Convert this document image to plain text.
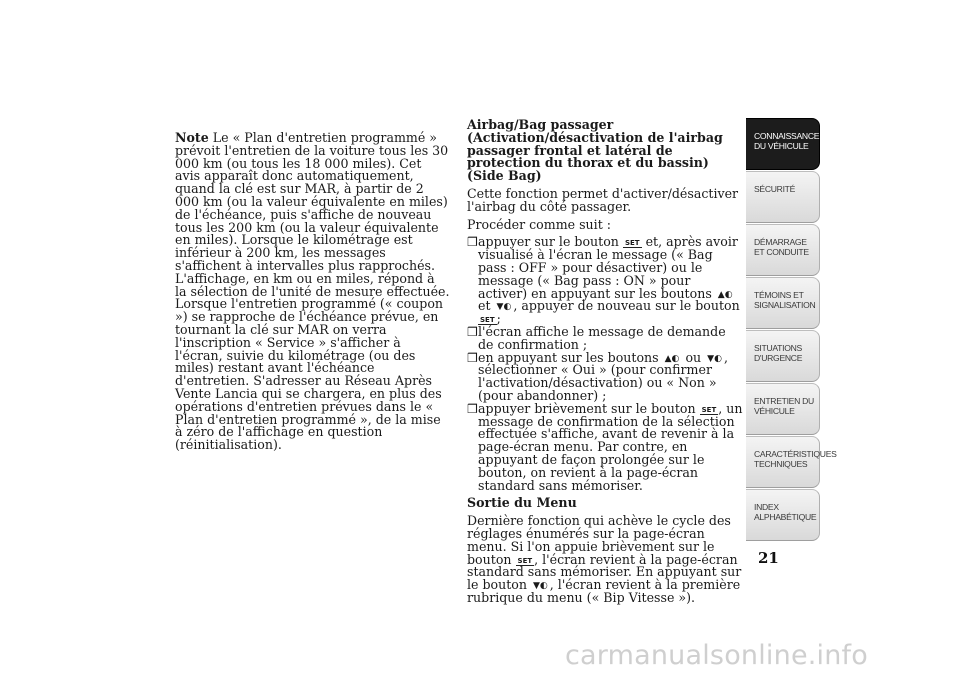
Note Le « Plan d'entretien programmé » prévoit l'entretien de la voiture tous les 30 000 km (ou tous les 18 000 miles). Cet avis apparaît donc automatiquement, quand la clé est sur MAR, à partir de 2 000 km (ou la valeur équivalente en miles) de l'échéance, puis s'affiche de nouveau tous les 200 km (ou la valeur équivalente en miles). Lorsque le kilométrage est inférieur à 200 km, les messages s'affichent à intervalles plus rapprochés. L'affichage, en km ou en miles, répond à la sélection de l'unité de mesure effectuée. Lorsque l'entretien programmé (« coupon ») se rapproche de l'échéance prévue, en tournant la clé sur MAR on verra l'inscription « Service » s'afficher à l'écran, suivie du kilométrage (ou des miles) restant avant l'échéance d'entretien. S'adresser au Réseau Après Vente Lancia qui se chargera, en plus des opérations d'entretien prévues dans le « Plan d'entretien programmé », de la mise à zéro de l'affichage en question (réinitialisation).

Airbag/Bag passager (Activation/désactivation de l'airbag passager frontal et latéral de protection du thorax et du bassin) (Side Bag)

Cette fonction permet d'activer/désactiver l'airbag du côté passager.

Procéder comme suit :

❒ appuyer sur le bouton SET et, après avoir visualisé à l'écran le message (« Bag pass : OFF » pour désactiver) ou le message (« Bag pass : ON » pour activer) en appuyant sur les boutons ▲◐ et ▼◐ , appuyer de nouveau sur le bouton SET ;
❒ l'écran affiche le message de demande de confirmation ;
❒ en appuyant sur les boutons ▲◐ ou ▼◐ , sélectionner « Oui » (pour confirmer l'activation/désactivation) ou « Non » (pour abandonner) ;
❒ appuyer brièvement sur le bouton SET , un message de confirmation de la sélection effectuée s'affiche, avant de revenir à la page-écran menu. Par contre, en appuyant de façon prolongée sur le bouton, on revient à la page-écran standard sans mémoriser.

Sortie du Menu

Dernière fonction qui achève le cycle des réglages énumérés sur la page-écran menu. Si l'on appuie brièvement sur le bouton SET , l'écran revient à la page-écran standard sans mémoriser. En appuyant sur le bouton ▼◐ , l'écran revient à la première rubrique du menu (« Bip Vitesse »).

CONNAISSANCE DU VÉHICULE
SÉCURITÉ
DÉMARRAGE ET CONDUITE
TÉMOINS ET SIGNALISATION
SITUATIONS D'URGENCE
ENTRETIEN DU VÉHICULE
CARACTÉRISTIQUES TECHNIQUES
INDEX ALPHABÉTIQUE
21
carmanualsonline.info
